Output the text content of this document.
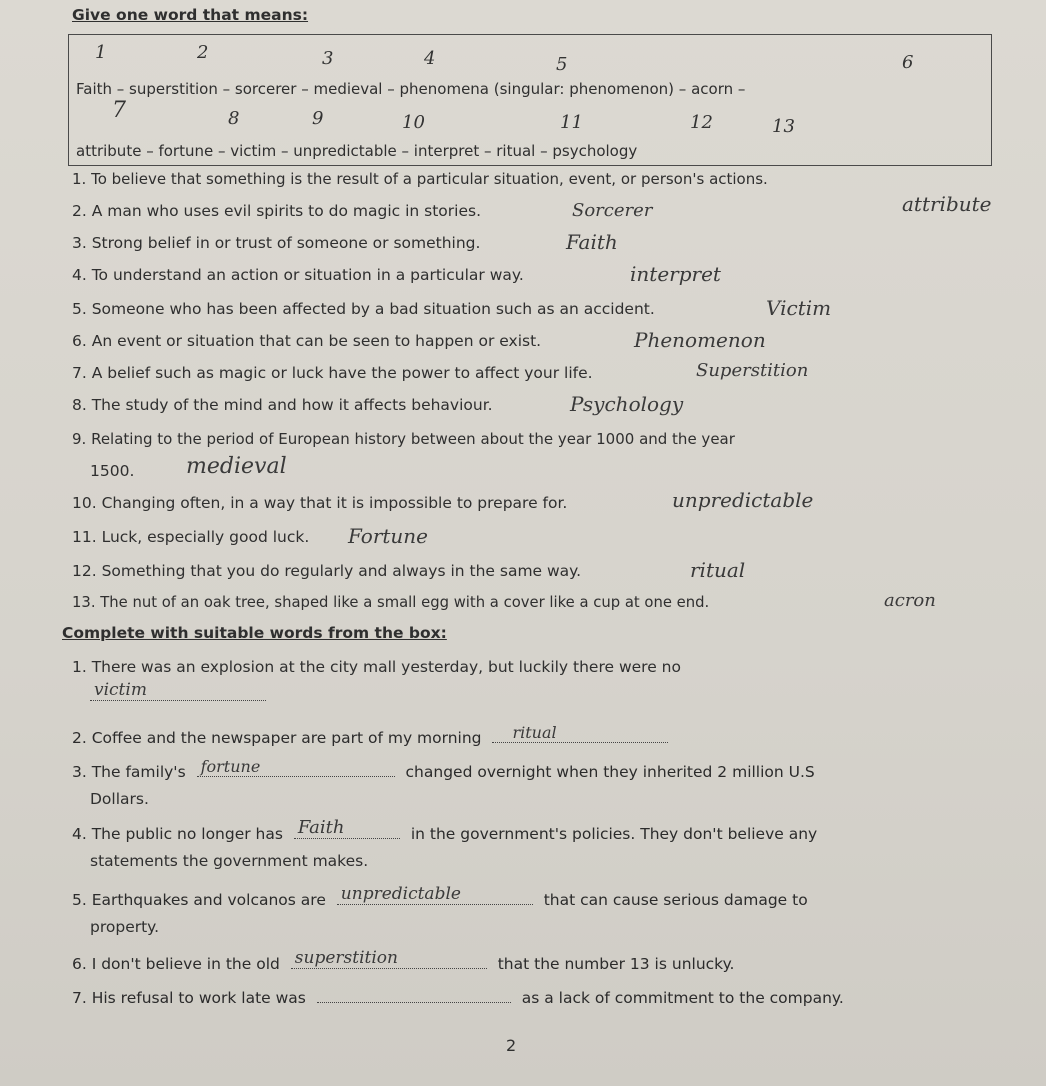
Give one word that means:
1	2	3	4	5	6
Faith – superstition – sorcerer – medieval – phenomena (singular: phenomenon) – acorn –
7	8	9	10	11	12	13
attribute – fortune – victim – unpredictable – interpret – ritual – psychology
1. To believe that something is the result of a particular situation, event, or person's actions.
attribute
2. A man who uses evil spirits to do magic in stories.	Sorcerer
3. Strong belief in or trust of someone or something.	Faith
4. To understand an action or situation in a particular way.	interpret
5. Someone who has been affected by a bad situation such as an accident.	Victim
6. An event or situation that can be seen to happen or exist.	Phenomenon
7. A belief such as magic or luck have the power to affect your life.	Superstition
8. The study of the mind and how it affects behaviour.	Psychology
9. Relating to the period of European history between about the year 1000 and the year
1500. medieval
10. Changing often, in a way that it is impossible to prepare for.	unpredictable
11. Luck, especially good luck. Fortune
12. Something that you do regularly and always in the same way.	ritual
13. The nut of an oak tree, shaped like a small egg with a cover like a cup at one end.	acron
Complete with suitable words from the box:
1. There was an explosion at the city mall yesterday, but luckily there were no
victim
2. Coffee and the newspaper are part of my morning ritual
3. The family's fortune	changed overnight when they inherited 2 million U.S
Dollars.
4. The public no longer has Faith	in the government's policies. They don't believe any
statements the government makes.
5. Earthquakes and volcanos are unpredictable	that can cause serious damage to
property.
6. I don't believe in the old superstition	that the number 13 is unlucky.
7. His refusal to work late was	as a lack of commitment to the company.
2
